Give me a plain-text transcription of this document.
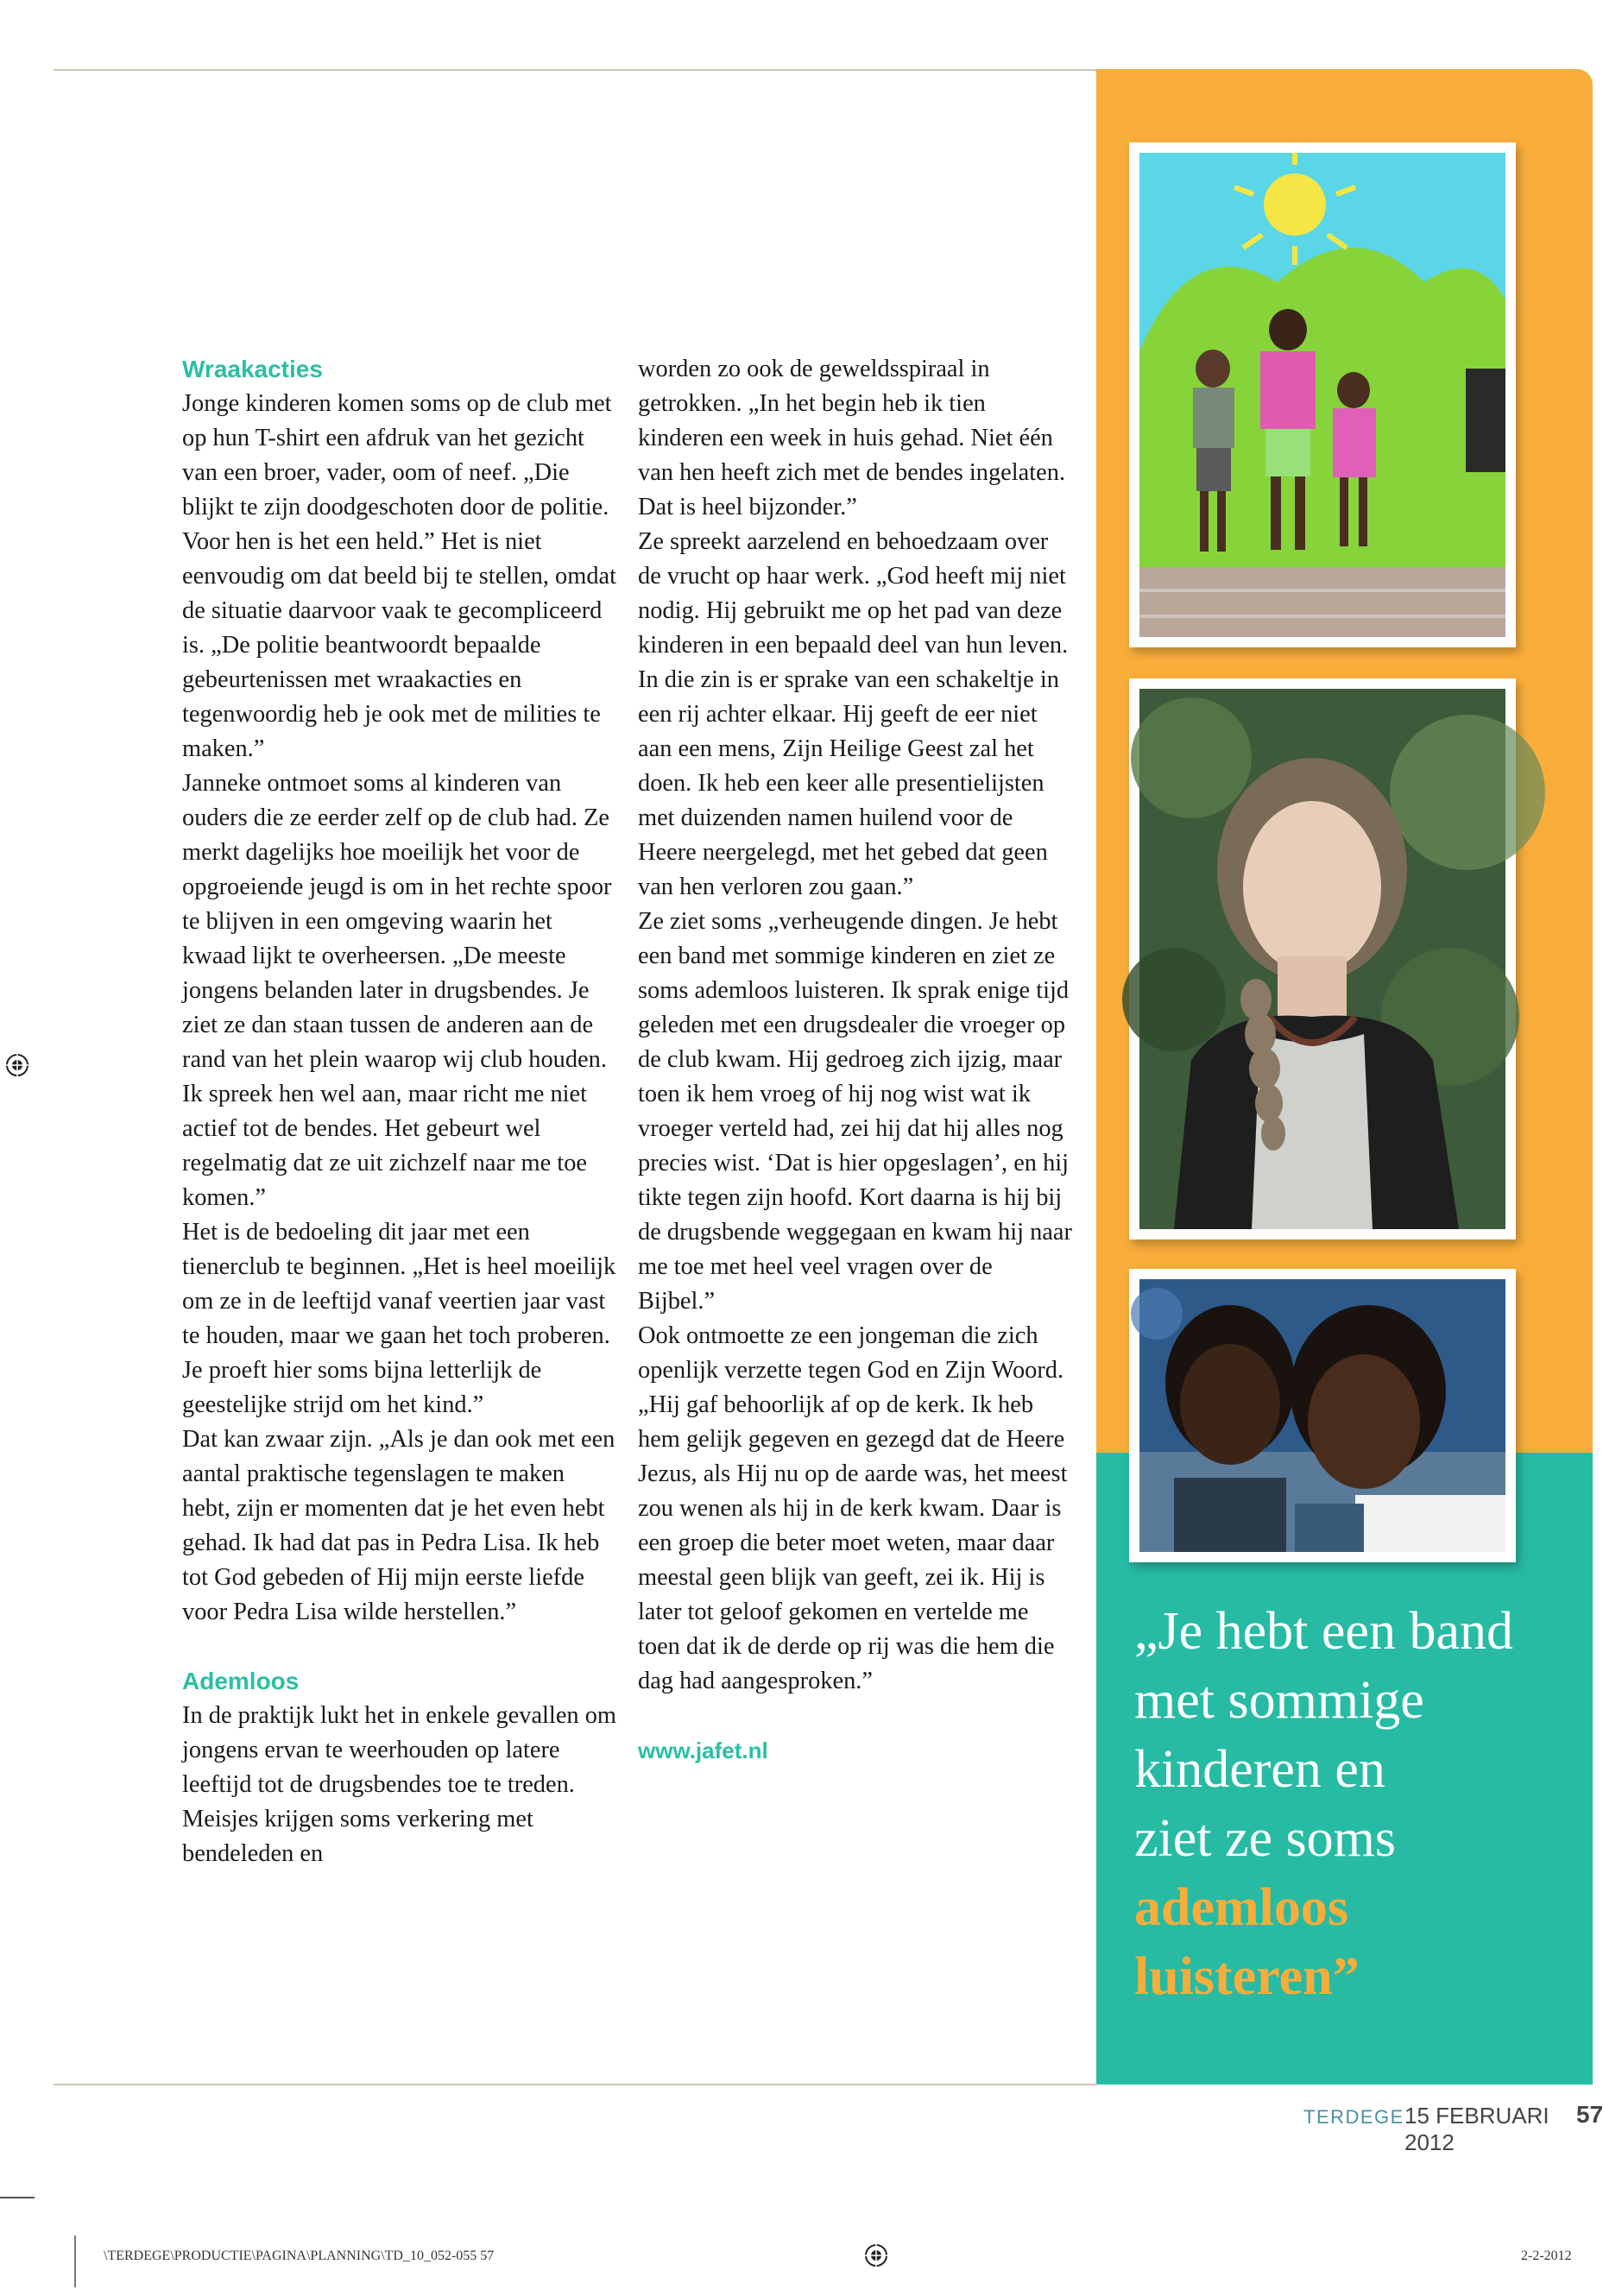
Wraakacties

Jonge kinderen komen soms op de club met op hun T-shirt een afdruk van het gezicht van een broer, vader, oom of neef. „Die blijkt te zijn doodgeschoten door de politie. Voor hen is het een held.” Het is niet eenvoudig om dat beeld bij te stellen, omdat de situatie daarvoor vaak te gecompliceerd is. „De politie beantwoordt bepaalde gebeurtenissen met wraakacties en tegenwoordig heb je ook met de milities te maken.”

Janneke ontmoet soms al kinderen van ouders die ze eerder zelf op de club had. Ze merkt dagelijks hoe moeilijk het voor de opgroeiende jeugd is om in het rechte spoor te blijven in een omgeving waarin het kwaad lijkt te overheersen. „De meeste jongens belanden later in drugsbendes. Je ziet ze dan staan tussen de anderen aan de rand van het plein waarop wij club houden. Ik spreek hen wel aan, maar richt me niet actief tot de bendes. Het gebeurt wel regelmatig dat ze uit zichzelf naar me toe komen.”

Het is de bedoeling dit jaar met een tienerclub te beginnen. „Het is heel moeilijk om ze in de leeftijd vanaf veertien jaar vast te houden, maar we gaan het toch proberen. Je proeft hier soms bijna letterlijk de geestelijke strijd om het kind.”

Dat kan zwaar zijn. „Als je dan ook met een aantal praktische tegenslagen te maken hebt, zijn er momenten dat je het even hebt gehad. Ik had dat pas in Pedra Lisa. Ik heb tot God gebeden of Hij mijn eerste liefde voor Pedra Lisa wilde herstellen.”

Ademloos

In de praktijk lukt het in enkele gevallen om jongens ervan te weerhouden op latere leeftijd tot de drugsbendes toe te treden. Meisjes krijgen soms verkering met bendeleden en

worden zo ook de geweldsspiraal in getrokken. „In het begin heb ik tien kinderen een week in huis gehad. Niet één van hen heeft zich met de bendes ingelaten. Dat is heel bijzonder.”

Ze spreekt aarzelend en behoedzaam over de vrucht op haar werk. „God heeft mij niet nodig. Hij gebruikt me op het pad van deze kinderen in een bepaald deel van hun leven. In die zin is er sprake van een schakeltje in een rij achter elkaar. Hij geeft de eer niet aan een mens, Zijn Heilige Geest zal het doen. Ik heb een keer alle presentielijsten met duizenden namen huilend voor de Heere neergelegd, met het gebed dat geen van hen verloren zou gaan.”

Ze ziet soms „verheugende dingen. Je hebt een band met sommige kinderen en ziet ze soms ademloos luisteren. Ik sprak enige tijd geleden met een drugsdealer die vroeger op de club kwam. Hij gedroeg zich ijzig, maar toen ik hem vroeg of hij nog wist wat ik vroeger verteld had, zei hij dat hij alles nog precies wist. ‘Dat is hier opgeslagen’, en hij tikte tegen zijn hoofd. Kort daarna is hij bij de drugsbende weggegaan en kwam hij naar me toe met heel veel vragen over de Bijbel.”

Ook ontmoette ze een jongeman die zich openlijk verzette tegen God en Zijn Woord. „Hij gaf behoorlijk af op de kerk. Ik heb hem gelijk gegeven en gezegd dat de Heere Jezus, als Hij nu op de aarde was, het meest zou wenen als hij in de kerk kwam. Daar is een groep die beter moet weten, maar daar meestal geen blijk van geeft, zei ik. Hij is later tot geloof gekomen en vertelde me toen dat ik de derde op rij was die hem die dag had aangesproken.”

www.jafet.nl
„Je hebt een band
met sommige
kinderen en
ziet ze soms
ademloos
luisteren”
TERDEGE 15 FEBRUARI 2012
57
\TERDEGE\PRODUCTIE\PAGINA\PLANNING\TD_10_052-055 57	2-2-2012
